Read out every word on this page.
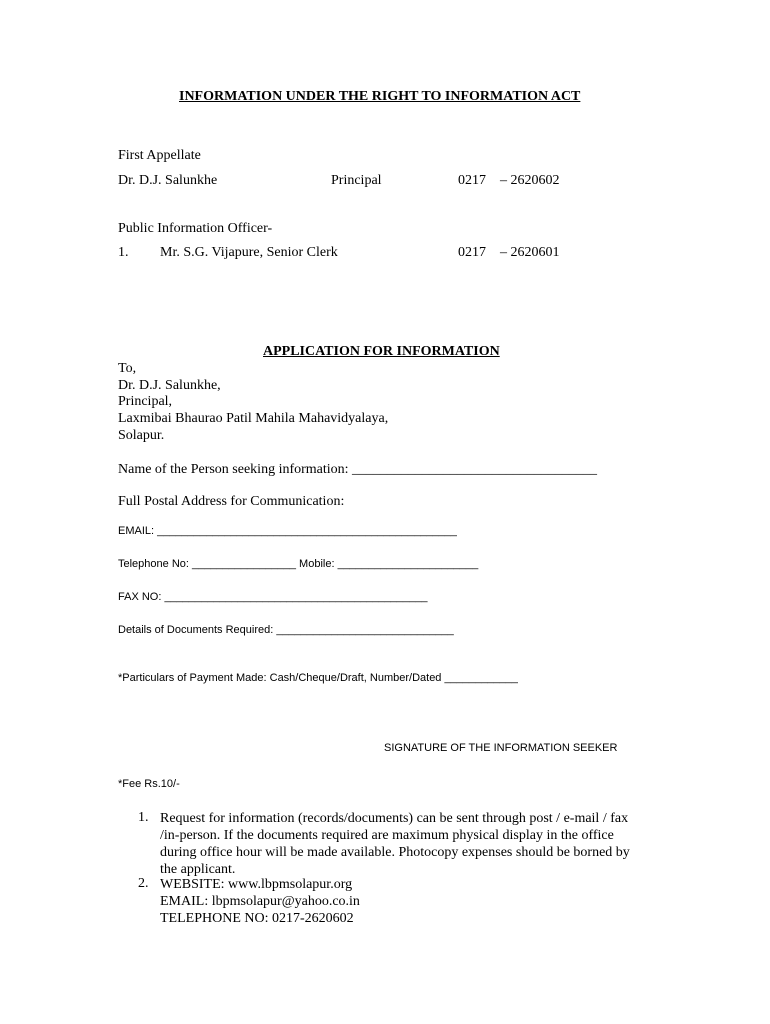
INFORMATION UNDER THE RIGHT TO INFORMATION ACT
First Appellate
Dr. D.J. Salunkhe	Principal	0217 – 2620602
Public Information Officer-
1. Mr. S.G. Vijapure, Senior Clerk	0217 – 2620601
APPLICATION FOR INFORMATION
To,
Dr. D.J. Salunkhe,
Principal,
Laxmibai Bhaurao Patil Mahila Mahavidyalaya,
Solapur.
Name of the Person seeking information: ___________________________________
Full Postal Address for Communication:
EMAIL: _________________________________________________
Telephone No: _________________ Mobile: _______________________
FAX NO: ___________________________________________
Details of Documents Required: _____________________________
*Particulars of Payment Made: Cash/Cheque/Draft, Number/Dated ____________
SIGNATURE OF THE INFORMATION SEEKER
*Fee Rs.10/-
1. Request for information (records/documents) can be sent through post / e-mail / fax /in-person. If the documents required are maximum physical display in the office during office hour will be made available. Photocopy expenses should be borned by the applicant.
2. WEBSITE: www.lbpmsolapur.org
EMAIL: lbpmsolapur@yahoo.co.in
TELEPHONE NO: 0217-2620602
